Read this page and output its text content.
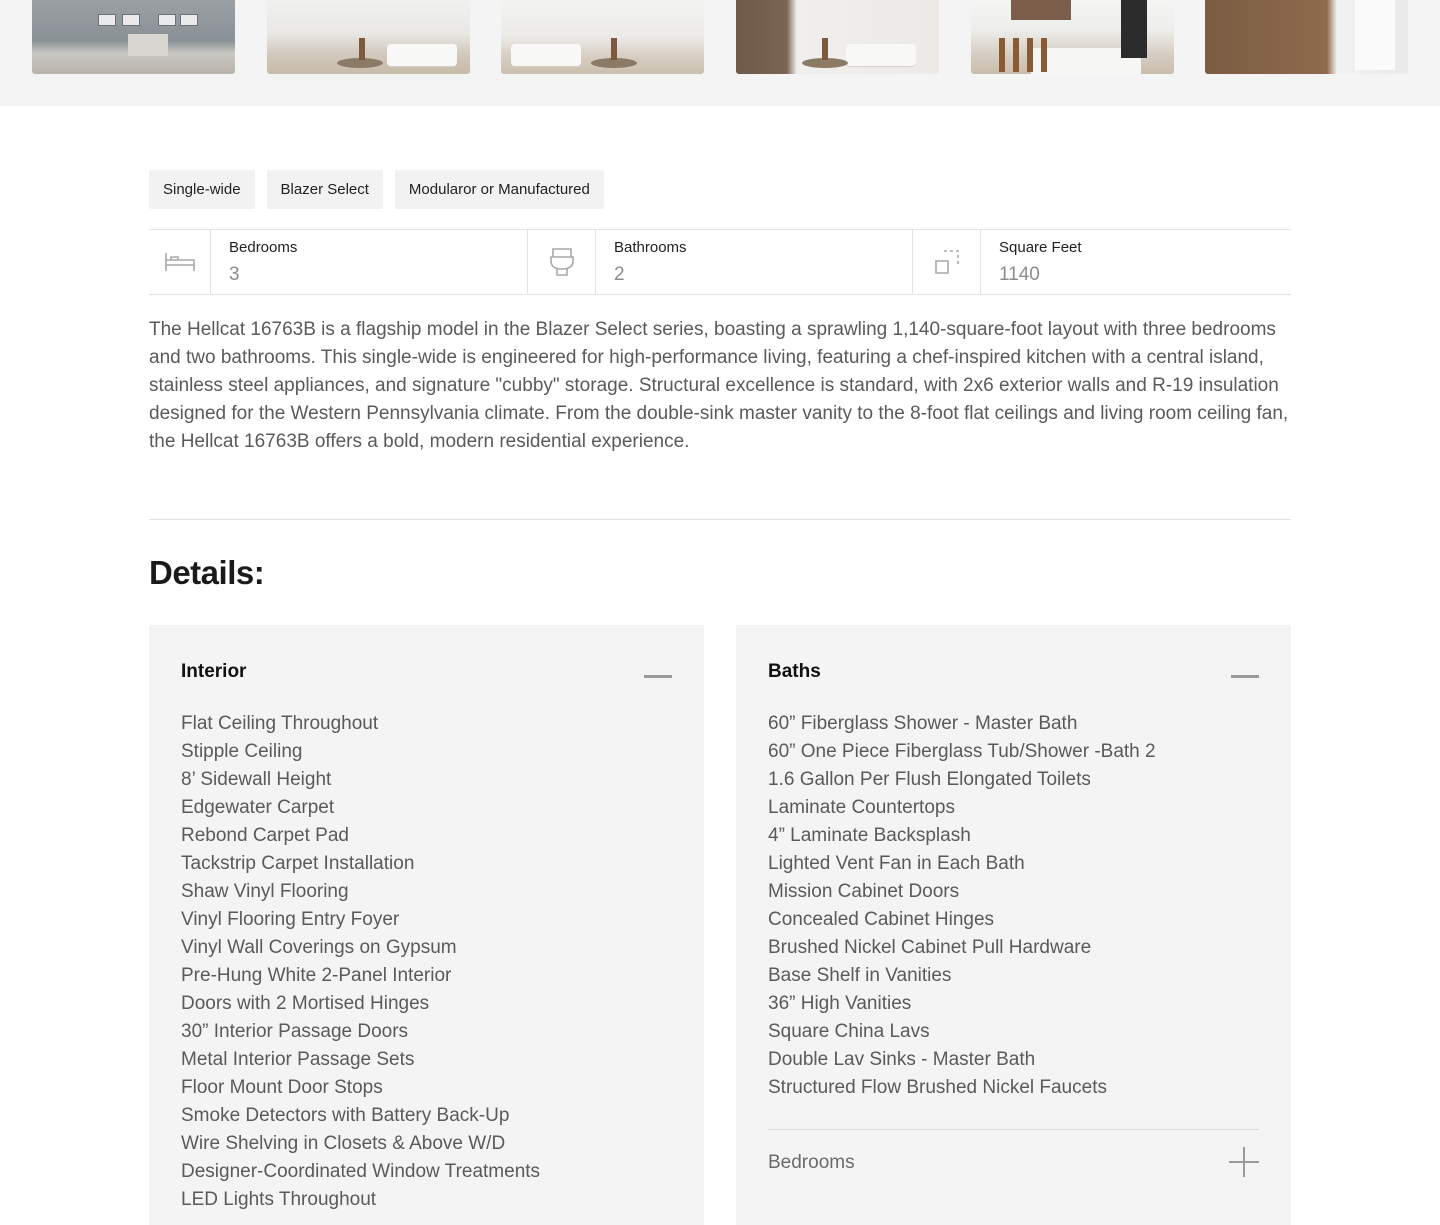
Single-wide	Blazer Select	Modularor or Manufactured
Bedrooms
3
Bathrooms
2
Square Feet
1140

The Hellcat 16763B is a flagship model in the Blazer Select series, boasting a sprawling 1,140-square-foot layout with three bedrooms and two bathrooms. This single-wide is engineered for high-performance living, featuring a chef-inspired kitchen with a central island, stainless steel appliances, and signature "cubby" storage. Structural excellence is standard, with 2x6 exterior walls and R-19 insulation designed for the Western Pennsylvania climate. From the double-sink master vanity to the 8-foot flat ceilings and living room ceiling fan, the Hellcat 16763B offers a bold, modern residential experience.

Details:
Interior
Flat Ceiling Throughout
Stipple Ceiling
8’ Sidewall Height
Edgewater Carpet
Rebond Carpet Pad
Tackstrip Carpet Installation
Shaw Vinyl Flooring
Vinyl Flooring Entry Foyer
Vinyl Wall Coverings on Gypsum
Pre-Hung White 2-Panel Interior
Doors with 2 Mortised Hinges
30” Interior Passage Doors
Metal Interior Passage Sets
Floor Mount Door Stops
Smoke Detectors with Battery Back-Up
Wire Shelving in Closets & Above W/D
Designer-Coordinated Window Treatments
LED Lights Throughout
Baths
60” Fiberglass Shower - Master Bath
60” One Piece Fiberglass Tub/Shower -Bath 2
1.6 Gallon Per Flush Elongated Toilets
Laminate Countertops
4” Laminate Backsplash
Lighted Vent Fan in Each Bath
Mission Cabinet Doors
Concealed Cabinet Hinges
Brushed Nickel Cabinet Pull Hardware
Base Shelf in Vanities
36” High Vanities
Square China Lavs
Double Lav Sinks - Master Bath
Structured Flow Brushed Nickel Faucets
Bedrooms
